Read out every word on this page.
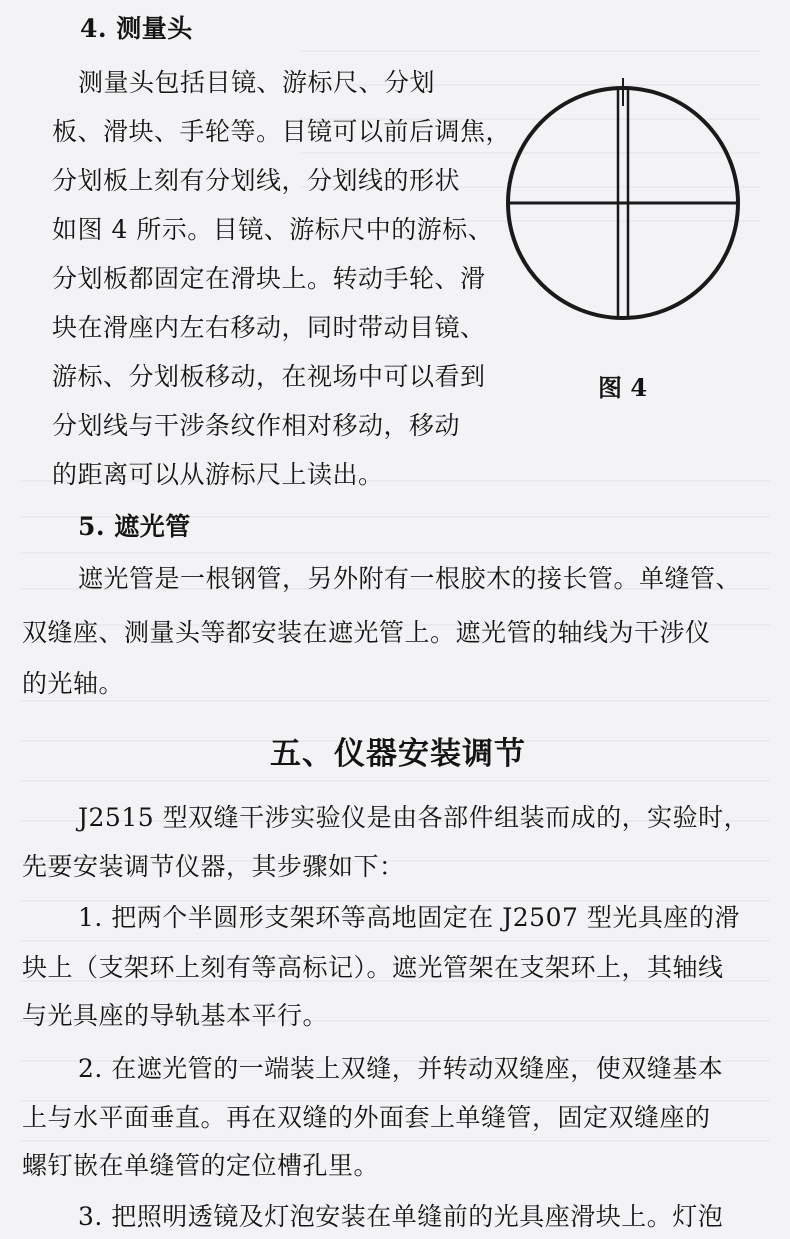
4. 测量头
测量头包括目镜、游标尺、分划
板、滑块、手轮等。目镜可以前后调焦，
分划板上刻有分划线，分划线的形状
如图 4 所示。目镜、游标尺中的游标、
分划板都固定在滑块上。转动手轮、滑
块在滑座内左右移动，同时带动目镜、
游标、分划板移动，在视场中可以看到
分划线与干涉条纹作相对移动，移动
的距离可以从游标尺上读出。
图 4
5. 遮光管
遮光管是一根钢管，另外附有一根胶木的接长管。单缝管、
双缝座、测量头等都安装在遮光管上。遮光管的轴线为干涉仪
的光轴。
五、仪器安装调节
J2515 型双缝干涉实验仪是由各部件组装而成的，实验时，
先要安装调节仪器，其步骤如下：
1. 把两个半圆形支架环等高地固定在 J2507 型光具座的滑
块上（支架环上刻有等高标记）。遮光管架在支架环上，其轴线
与光具座的导轨基本平行。
2. 在遮光管的一端装上双缝，并转动双缝座，使双缝基本
上与水平面垂直。再在双缝的外面套上单缝管，固定双缝座的
螺钉嵌在单缝管的定位槽孔里。
3. 把照明透镜及灯泡安装在单缝前的光具座滑块上。灯泡
